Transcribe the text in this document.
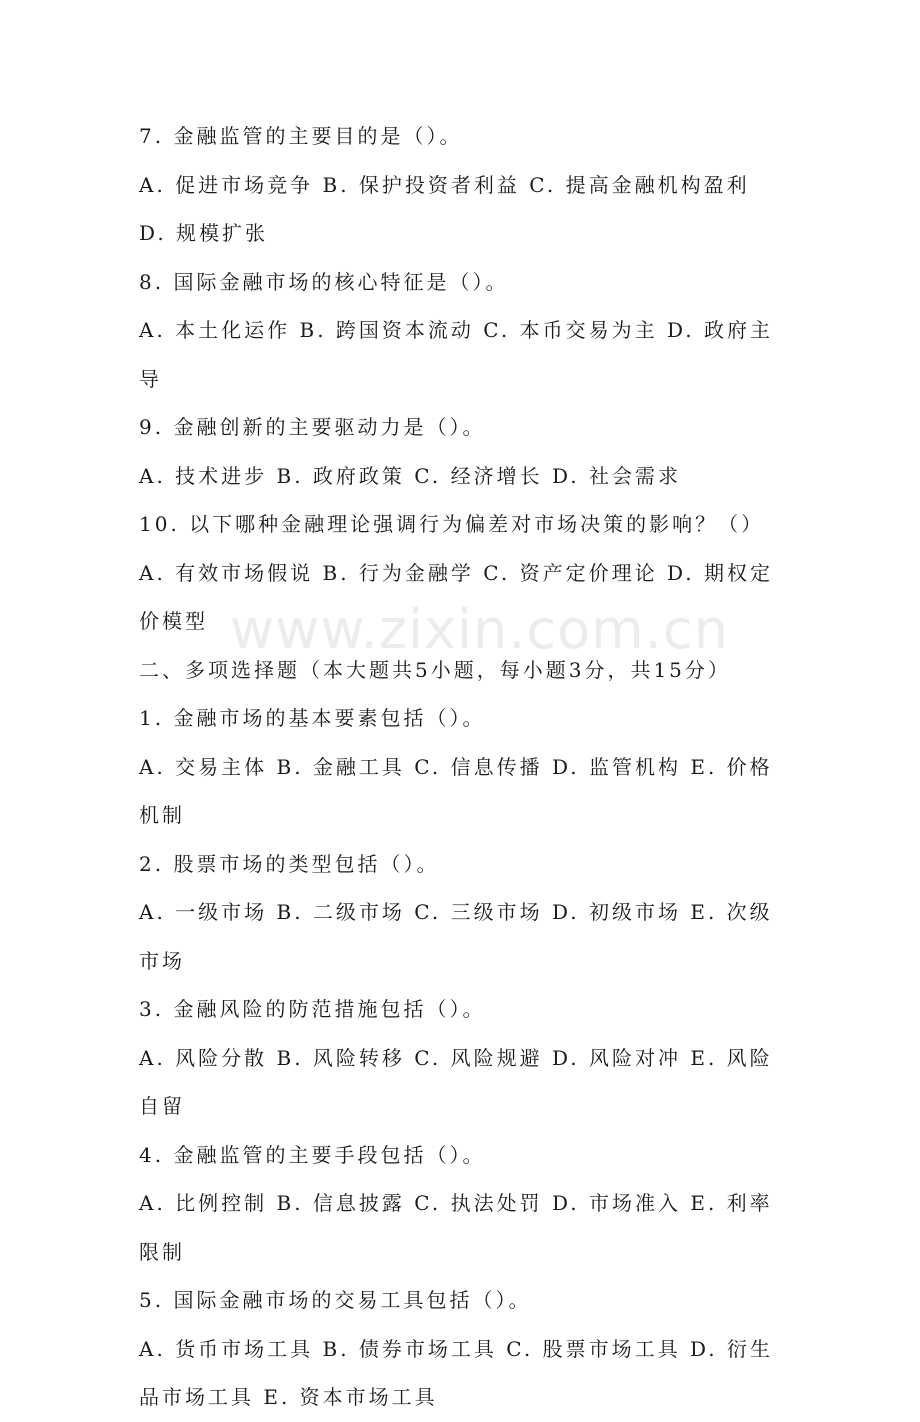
www.zixin.com.cn
7. 金融监管的主要目的是（）。
A. 促进市场竞争 B. 保护投资者利益 C. 提高金融机构盈利 D. 规模扩张
8. 国际金融市场的核心特征是（）。
A. 本土化运作 B. 跨国资本流动 C. 本币交易为主 D. 政府主导
9. 金融创新的主要驱动力是（）。
A. 技术进步 B. 政府政策 C. 经济增长 D. 社会需求
10. 以下哪种金融理论强调行为偏差对市场决策的影响？（）
A. 有效市场假说 B. 行为金融学 C. 资产定价理论 D. 期权定价模型
二、多项选择题（本大题共5小题，每小题3分，共15分）
1. 金融市场的基本要素包括（）。
A. 交易主体 B. 金融工具 C. 信息传播 D. 监管机构 E. 价格机制
2. 股票市场的类型包括（）。
A. 一级市场 B. 二级市场 C. 三级市场 D. 初级市场 E. 次级市场
3. 金融风险的防范措施包括（）。
A. 风险分散 B. 风险转移 C. 风险规避 D. 风险对冲 E. 风险自留
4. 金融监管的主要手段包括（）。
A. 比例控制 B. 信息披露 C. 执法处罚 D. 市场准入 E. 利率限制
5. 国际金融市场的交易工具包括（）。
A. 货币市场工具 B. 债券市场工具 C. 股票市场工具 D. 衍生品市场工具 E. 资本市场工具
